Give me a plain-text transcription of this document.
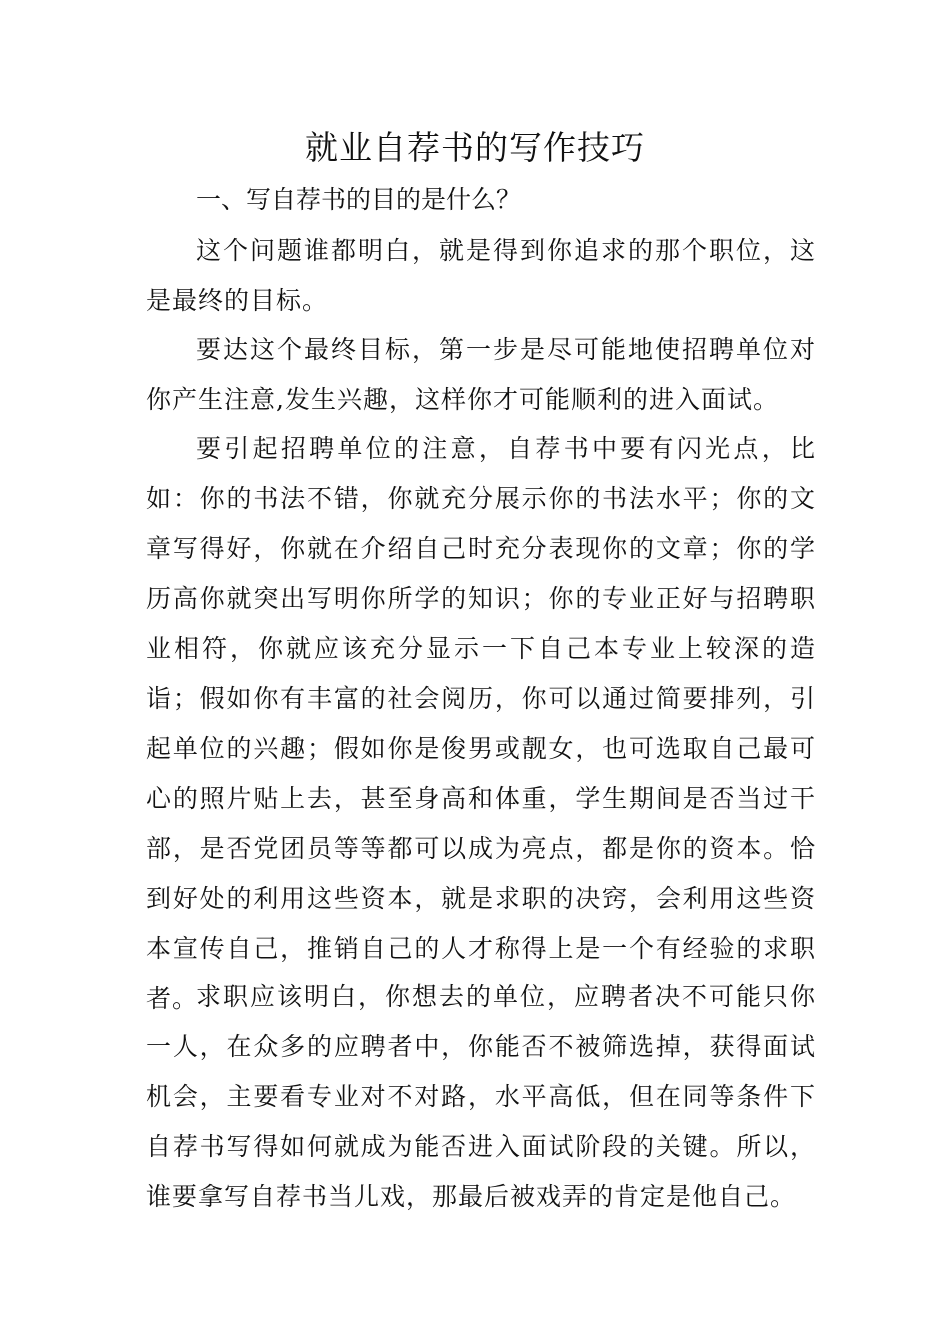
就业自荐书的写作技巧

一、写自荐书的目的是什么？

这个问题谁都明白，就是得到你追求的那个职位，这是最终的目标。

要达这个最终目标，第一步是尽可能地使招聘单位对你产生注意,发生兴趣，这样你才可能顺利的进入面试。

要引起招聘单位的注意，自荐书中要有闪光点，比如：你的书法不错，你就充分展示你的书法水平；你的文章写得好，你就在介绍自己时充分表现你的文章；你的学历高你就突出写明你所学的知识；你的专业正好与招聘职业相符，你就应该充分显示一下自己本专业上较深的造诣；假如你有丰富的社会阅历，你可以通过简要排列，引起单位的兴趣；假如你是俊男或靓女，也可选取自己最可心的照片贴上去，甚至身高和体重，学生期间是否当过干部，是否党团员等等都可以成为亮点，都是你的资本。恰到好处的利用这些资本，就是求职的决窍，会利用这些资本宣传自己，推销自己的人才称得上是一个有经验的求职者。

求职应该明白，你想去的单位，应聘者决不可能只你一人，在众多的应聘者中，你能否不被筛选掉，获得面试机会，主要看专业对不对路，水平高低，但在同等条件下自荐书写得如何就成为能否进入面试阶段的关键。所以，谁要拿写自荐书当儿戏，那最后被戏弄的肯定是他自己。
